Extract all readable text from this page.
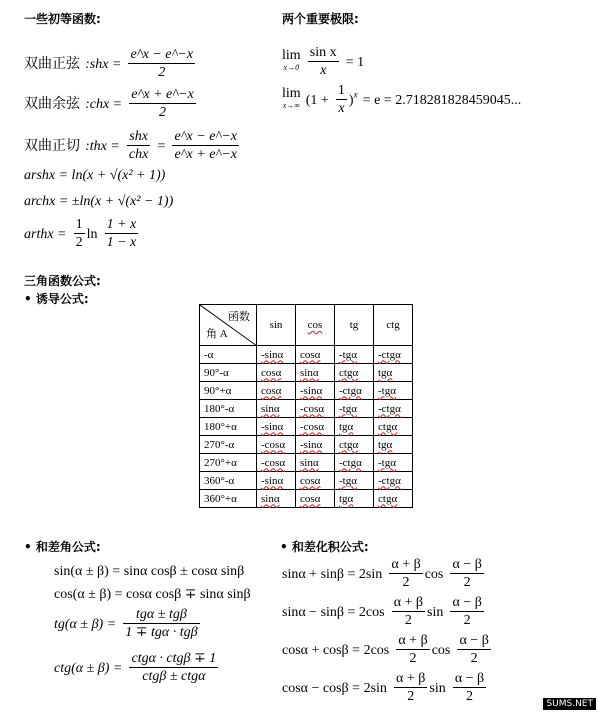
一些初等函数:	两个重要极限:
双曲正弦 :shx = $\frac{e\^{}x - e\^{}-x}{2}$
双曲余弦 :chx = $\frac{e\^{}x + e\^{}-x}{2}$
双曲正切 :thx = $\frac{\text{shx}}{\text{chx}} = \frac{e\^{}x - e\^{}-x}{e\^{}x + e\^{}-x}$
arshx = ln(x + √(x² + 1))
archx = ±ln(x + √(x² − 1))
arthx = $\frac{1}{2}$ $\ln \frac{1 + x}{1 - x}$
lim
x→0
$\frac{\text{sin x}}{x} = 1$
lim
x→∞ $(1 + \frac{1}{x} )^x = e = 2.718281828459045$...
三角函数公式:
• 诱导公式:
函数
角 A	sin	cos	tg	ctg
-α	-sinα	cosα	-tgα	-ctgα
90°-α	cosα	sinα	ctgα	tgα
90°+α	cosα	-sinα	-ctgα	-tgα
180°-α	sinα	-cosα	-tgα	-ctgα
180°+α	-sinα	-cosα	tgα	ctgα
270°-α	-cosα	-sinα	ctgα	tgα
270°+α	-cosα	sinα	-ctgα	-tgα
360°-α	-sinα	cosα	-tgα	-ctgα
360°+α	sinα	cosα	tgα	ctgα
• 和差角公式:
sin(α ± β) = sinα cosβ ± cosα sinβ
cos(α ± β) = cosα cosβ ∓ sinα sinβ
$tg(\alpha \pm \beta) = \frac{\text{tgα ± tgβ}}{\text{1 ∓ tgα · tgβ}}$
$ctg(\alpha \pm \beta) = \frac{\text{ctgα · ctgβ ∓ 1}}{\text{ctgβ ± ctgα}}$
• 和差化积公式:
$\sin\alpha + \sin\beta = 2\sin \frac{\alpha + \beta}{2}$ $\cos \frac{\alpha - \beta}{2}$
$\sin\alpha - \sin\beta = 2\cos \frac{\alpha + \beta}{2}$ $\sin \frac{\alpha - \beta}{2}$
$\cos\alpha + \cos\beta = 2\cos \frac{\alpha + \beta}{2}$ $\cos \frac{\alpha - \beta}{2}$
$\cos\alpha - \cos\beta = 2\sin \frac{\alpha + \beta}{2}$ $\sin \frac{\alpha - \beta}{2}$	SUMS.NET
